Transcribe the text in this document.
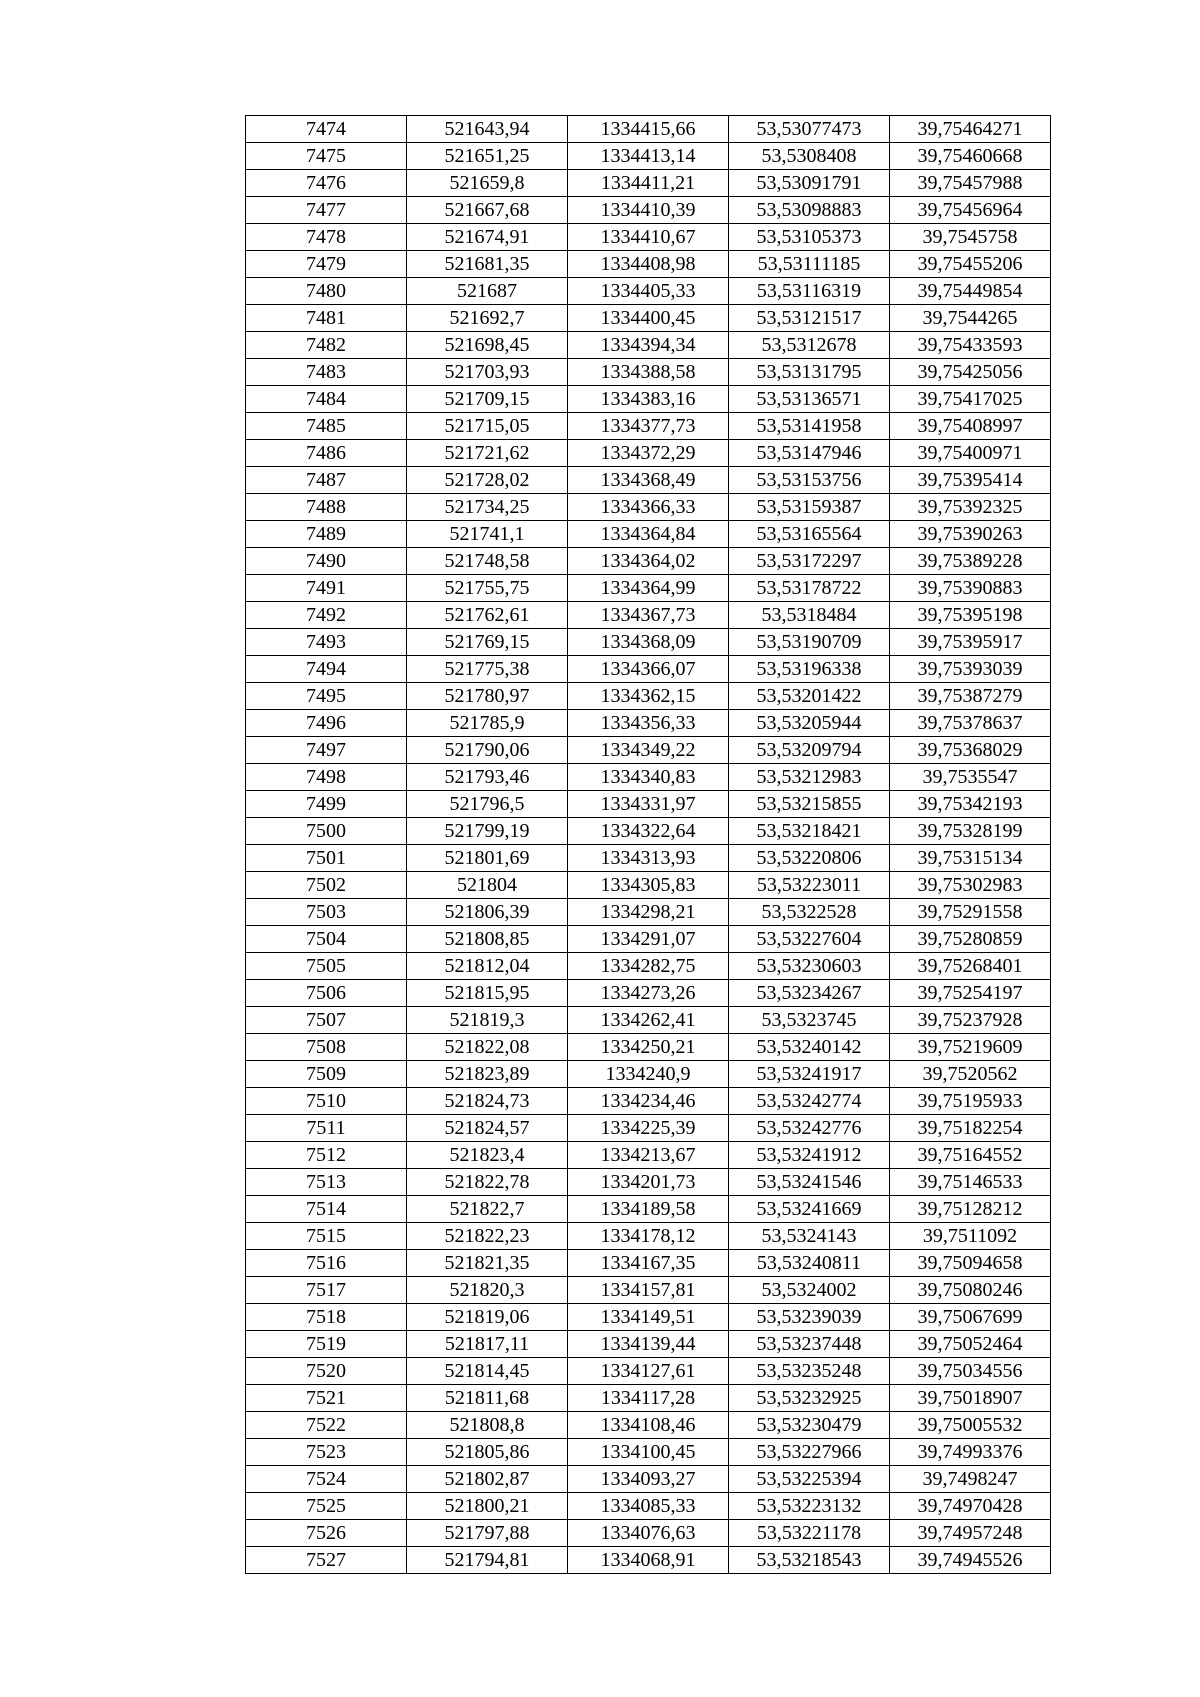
7474	521643,94	1334415,66	53,53077473	39,75464271
7475	521651,25	1334413,14	53,5308408	39,75460668
7476	521659,8	1334411,21	53,53091791	39,75457988
7477	521667,68	1334410,39	53,53098883	39,75456964
7478	521674,91	1334410,67	53,53105373	39,7545758
7479	521681,35	1334408,98	53,53111185	39,75455206
7480	521687	1334405,33	53,53116319	39,75449854
7481	521692,7	1334400,45	53,53121517	39,7544265
7482	521698,45	1334394,34	53,5312678	39,75433593
7483	521703,93	1334388,58	53,53131795	39,75425056
7484	521709,15	1334383,16	53,53136571	39,75417025
7485	521715,05	1334377,73	53,53141958	39,75408997
7486	521721,62	1334372,29	53,53147946	39,75400971
7487	521728,02	1334368,49	53,53153756	39,75395414
7488	521734,25	1334366,33	53,53159387	39,75392325
7489	521741,1	1334364,84	53,53165564	39,75390263
7490	521748,58	1334364,02	53,53172297	39,75389228
7491	521755,75	1334364,99	53,53178722	39,75390883
7492	521762,61	1334367,73	53,5318484	39,75395198
7493	521769,15	1334368,09	53,53190709	39,75395917
7494	521775,38	1334366,07	53,53196338	39,75393039
7495	521780,97	1334362,15	53,53201422	39,75387279
7496	521785,9	1334356,33	53,53205944	39,75378637
7497	521790,06	1334349,22	53,53209794	39,75368029
7498	521793,46	1334340,83	53,53212983	39,7535547
7499	521796,5	1334331,97	53,53215855	39,75342193
7500	521799,19	1334322,64	53,53218421	39,75328199
7501	521801,69	1334313,93	53,53220806	39,75315134
7502	521804	1334305,83	53,53223011	39,75302983
7503	521806,39	1334298,21	53,5322528	39,75291558
7504	521808,85	1334291,07	53,53227604	39,75280859
7505	521812,04	1334282,75	53,53230603	39,75268401
7506	521815,95	1334273,26	53,53234267	39,75254197
7507	521819,3	1334262,41	53,5323745	39,75237928
7508	521822,08	1334250,21	53,53240142	39,75219609
7509	521823,89	1334240,9	53,53241917	39,7520562
7510	521824,73	1334234,46	53,53242774	39,75195933
7511	521824,57	1334225,39	53,53242776	39,75182254
7512	521823,4	1334213,67	53,53241912	39,75164552
7513	521822,78	1334201,73	53,53241546	39,75146533
7514	521822,7	1334189,58	53,53241669	39,75128212
7515	521822,23	1334178,12	53,5324143	39,7511092
7516	521821,35	1334167,35	53,53240811	39,75094658
7517	521820,3	1334157,81	53,5324002	39,75080246
7518	521819,06	1334149,51	53,53239039	39,75067699
7519	521817,11	1334139,44	53,53237448	39,75052464
7520	521814,45	1334127,61	53,53235248	39,75034556
7521	521811,68	1334117,28	53,53232925	39,75018907
7522	521808,8	1334108,46	53,53230479	39,75005532
7523	521805,86	1334100,45	53,53227966	39,74993376
7524	521802,87	1334093,27	53,53225394	39,7498247
7525	521800,21	1334085,33	53,53223132	39,74970428
7526	521797,88	1334076,63	53,53221178	39,74957248
7527	521794,81	1334068,91	53,53218543	39,74945526
